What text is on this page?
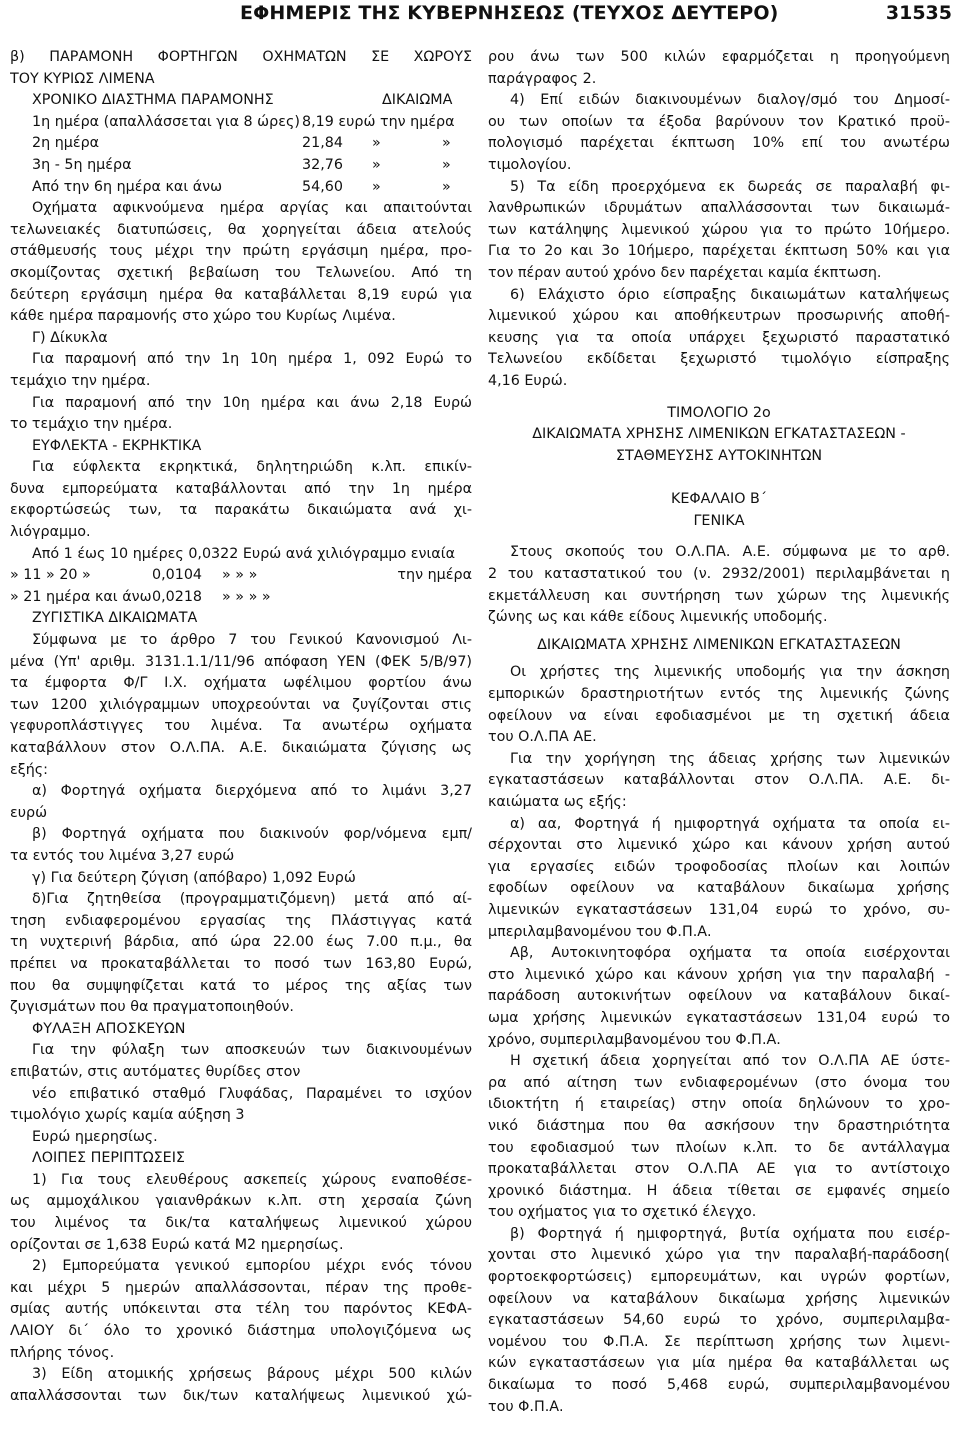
ΕΦΗΜΕΡΙΣ ΤΗΣ ΚΥΒΕΡΝΗΣΕΩΣ (ΤΕΥΧΟΣ ΔΕΥΤΕΡΟ)	31535
β) ΠΑΡΑΜΟΝΗ ΦΟΡΤΗΓΩΝ ΟΧΗΜΑΤΩΝ ΣΕ ΧΩΡΟΥΣ
ΤΟΥ ΚΥΡΙΩΣ ΛΙΜΕΝΑ
ΧΡΟΝΙΚΟ ΔΙΑΣΤΗΜΑ ΠΑΡΑΜΟΝΗΣ	ΔΙΚΑΙΩΜΑ
1η ημέρα (απαλλάσσεται για 8 ώρες) 8,19 ευρώ την ημέρα
2η ημέρα	21,84	»	»
3η - 5η ημέρα	32,76	»	»
Από την 6η ημέρα και άνω	54,60	»	»
Οχήματα αφικνούμενα ημέρα αργίας και απαιτούνται
τελωνειακές διατυπώσεις, θα χορηγείται άδεια ατελούς
στάθμευσής τους μέχρι την πρώτη εργάσιμη ημέρα, προ-
σκομίζοντας σχετική βεβαίωση του Τελωνείου. Από τη
δεύτερη εργάσιμη ημέρα θα καταβάλλεται 8,19 ευρώ για
κάθε ημέρα παραμονής στο χώρο του Κυρίως Λιμένα.
Γ) Δίκυκλα
Για παραμονή από την 1η 10η ημέρα 1, 092 Ευρώ το
τεμάχιο την ημέρα.
Για παραμονή από την 10η ημέρα και άνω 2,18 Ευρώ
το τεμάχιο την ημέρα.
ΕΥΦΛΕΚΤΑ - ΕΚΡΗΚΤΙΚΑ
Για εύφλεκτα εκρηκτικά, δηλητηριώδη κ.λπ. επικίν-
δυνα εμπορεύματα καταβάλλονται από την 1η ημέρα
εκφορτώσεώς των, τα παρακάτω δικαιώματα ανά χι-
λιόγραμμο.
Από 1 έως 10 ημέρες 0,0322 Ευρώ ανά χιλιόγραμμο ενιαία
» 11 » 20 »	0,0104	» » »	την ημέρα
» 21 ημέρα και άνω 0,0218	» » » »
ΖΥΓΙΣΤΙΚΑ ΔΙΚΑΙΩΜΑΤΑ
Σύμφωνα με το άρθρο 7 του Γενικού Κανονισμού Λι-
μένα (Υπ' αριθμ. 3131.1.1/11/96 απόφαση ΥΕΝ (ΦΕΚ 5/Β/97)
τα έμφορτα Φ/Γ Ι.Χ. οχήματα ωφέλιμου φορτίου άνω
των 1200 χιλιόγραμμων υποχρεούνται να ζυγίζονται στις
γεφυροπλάστιγγες του λιμένα. Τα ανωτέρω οχήματα
καταβάλλουν στον Ο.Λ.ΠΑ. Α.Ε. δικαιώματα ζύγισης ως
εξής:
α) Φορτηγά οχήματα διερχόμενα από το λιμάνι 3,27
ευρώ
β) Φορτηγά οχήματα που διακινούν φορ/νόμενα εμπ/
τα εντός του λιμένα 3,27 ευρώ
γ) Για δεύτερη ζύγιση (απόβαρο) 1,092 Ευρώ
δ)Για ζητηθείσα (προγραμματιζόμενη) μετά από αί-
τηση ενδιαφερομένου εργασίας της Πλάστιγγας κατά
τη νυχτερινή βάρδια, από ώρα 22.00 έως 7.00 π.μ., θα
πρέπει να προκαταβάλλεται το ποσό των 163,80 Ευρώ,
που θα συμψηφίζεται κατά το μέρος της αξίας των
ζυγισμάτων που θα πραγματοποιηθούν.
ΦΥΛΑΞΗ ΑΠΟΣΚΕΥΩΝ
Για την φύλαξη των αποσκευών των διακινουμένων
επιβατών, στις αυτόματες θυρίδες στον
νέο επιβατικό σταθμό Γλυφάδας, Παραμένει το ισχύον
τιμολόγιο χωρίς καμία αύξηση 3
Ευρώ ημερησίως.
ΛΟΙΠΕΣ ΠΕΡΙΠΤΩΣΕΙΣ
1) Για τους ελευθέρους ασκεπείς χώρους εναποθέσε-
ως αμμοχάλικου γαιανθράκων κ.λπ. στη χερσαία ζώνη
του λιμένος τα δικ/τα καταλήψεως λιμενικού χώρου
ορίζονται σε 1,638 Ευρώ κατά Μ2 ημερησίως.
2) Εμπορεύματα γενικού εμπορίου μέχρι ενός τόνου
και μέχρι 5 ημερών απαλλάσσονται, πέραν της προθε-
σμίας αυτής υπόκεινται στα τέλη του παρόντος ΚΕΦΑ-
ΛΑΙΟΥ δι΄ όλο το χρονικό διάστημα υπολογιζόμενα ως
πλήρης τόνος.
3) Είδη ατομικής χρήσεως βάρους μέχρι 500 κιλών
απαλλάσσονται των δικ/των καταλήψεως λιμενικού χώ-
ρου άνω των 500 κιλών εφαρμόζεται η προηγούμενη
παράγραφος 2.
4) Επί ειδών διακινουμένων διαλογ/σμό του Δημοσί-
ου των οποίων τα έξοδα βαρύνουν τον Κρατικό προϋ-
πολογισμό παρέχεται έκπτωση 10% επί του ανωτέρω
τιμολογίου.
5) Τα είδη προερχόμενα εκ δωρεάς σε παραλαβή φι-
λανθρωπικών ιδρυμάτων απαλλάσσονται των δικαιωμά-
των κατάληψης λιμενικού χώρου για το πρώτο 10ήμερο.
Για το 2ο και 3ο 10ήμερο, παρέχεται έκπτωση 50% και για
τον πέραν αυτού χρόνο δεν παρέχεται καμία έκπτωση.
6) Ελάχιστο όριο είσπραξης δικαιωμάτων καταλήψεως
λιμενικού χώρου και αποθήκευτρων προσωρινής αποθή-
κευσης για τα οποία υπάρχει ξεχωριστό παραστατικό
Τελωνείου εκδίδεται ξεχωριστό τιμολόγιο είσπραξης
4,16 Ευρώ.
ΤΙΜΟΛΟΓΙΟ 2ο
ΔΙΚΑΙΩΜΑΤΑ ΧΡΗΣΗΣ ΛΙΜΕΝΙΚΩΝ ΕΓΚΑΤΑΣΤΑΣΕΩΝ -
ΣΤΑΘΜΕΥΣΗΣ ΑΥΤΟΚΙΝΗΤΩΝ
ΚΕΦΑΛΑΙΟ Β΄
ΓΕΝΙΚΑ
Στους σκοπούς του Ο.Λ.ΠΑ. Α.Ε. σύμφωνα με το αρθ.
2 του καταστατικού του (ν. 2932/2001) περιλαμβάνεται η
εκμετάλλευση και συντήρηση των χώρων της λιμενικής
ζώνης ως και κάθε είδους λιμενικής υποδομής.
ΔΙΚΑΙΩΜΑΤΑ ΧΡΗΣΗΣ ΛΙΜΕΝΙΚΩΝ ΕΓΚΑΤΑΣΤΑΣΕΩΝ
Οι χρήστες της λιμενικής υποδομής για την άσκηση
εμπορικών δραστηριοτήτων εντός της λιμενικής ζώνης
οφείλουν να είναι εφοδιασμένοι με τη σχετική άδεια
του Ο.Λ.ΠΑ ΑΕ.
Για την χορήγηση της άδειας χρήσης των λιμενικών
εγκαταστάσεων καταβάλλονται στον Ο.Λ.ΠΑ. Α.Ε. δι-
καιώματα ως εξής:
α) αα, Φορτηγά ή ημιφορτηγά οχήματα τα οποία ει-
σέρχονται στο λιμενικό χώρο και κάνουν χρήση αυτού
για εργασίες ειδών τροφοδοσίας πλοίων και λοιπών
εφοδίων οφείλουν να καταβάλουν δικαίωμα χρήσης
λιμενικών εγκαταστάσεων 131,04 ευρώ το χρόνο, συ-
μπεριλαμβανομένου του Φ.Π.Α.
Αβ, Αυτοκινητοφόρα οχήματα τα οποία εισέρχονται
στο λιμενικό χώρο και κάνουν χρήση για την παραλαβή -
παράδοση αυτοκινήτων οφείλουν να καταβάλουν δικαί-
ωμα χρήσης λιμενικών εγκαταστάσεων 131,04 ευρώ το
χρόνο, συμπεριλαμβανομένου του Φ.Π.Α.
Η σχετική άδεια χορηγείται από τον Ο.Λ.ΠΑ ΑΕ ύστε-
ρα από αίτηση των ενδιαφερομένων (στο όνομα του
ιδιοκτήτη ή εταιρείας) στην οποία δηλώνουν το χρο-
νικό διάστημα που θα ασκήσουν την δραστηριότητα
του εφοδιασμού των πλοίων κ.λπ. το δε αντάλλαγμα
προκαταβάλλεται στον Ο.Λ.ΠΑ ΑΕ για το αντίστοιχο
χρονικό διάστημα. Η άδεια τίθεται σε εμφανές σημείο
του οχήματος για το σχετικό έλεγχο.
β) Φορτηγά ή ημιφορτηγά, βυτία οχήματα που εισέρ-
χονται στο λιμενικό χώρο για την παραλαβή-παράδοση(
φορτοεκφορτώσεις) εμπορευμάτων, και υγρών φορτίων,
οφείλουν να καταβάλουν δικαίωμα χρήσης λιμενικών
εγκαταστάσεων 54,60 ευρώ το χρόνο, συμπεριλαμβα-
νομένου του Φ.Π.Α. Σε περίπτωση χρήσης των λιμενι-
κών εγκαταστάσεων για μία ημέρα θα καταβάλλεται ως
δικαίωμα το ποσό 5,468 ευρώ, συμπεριλαμβανομένου
του Φ.Π.Α.
